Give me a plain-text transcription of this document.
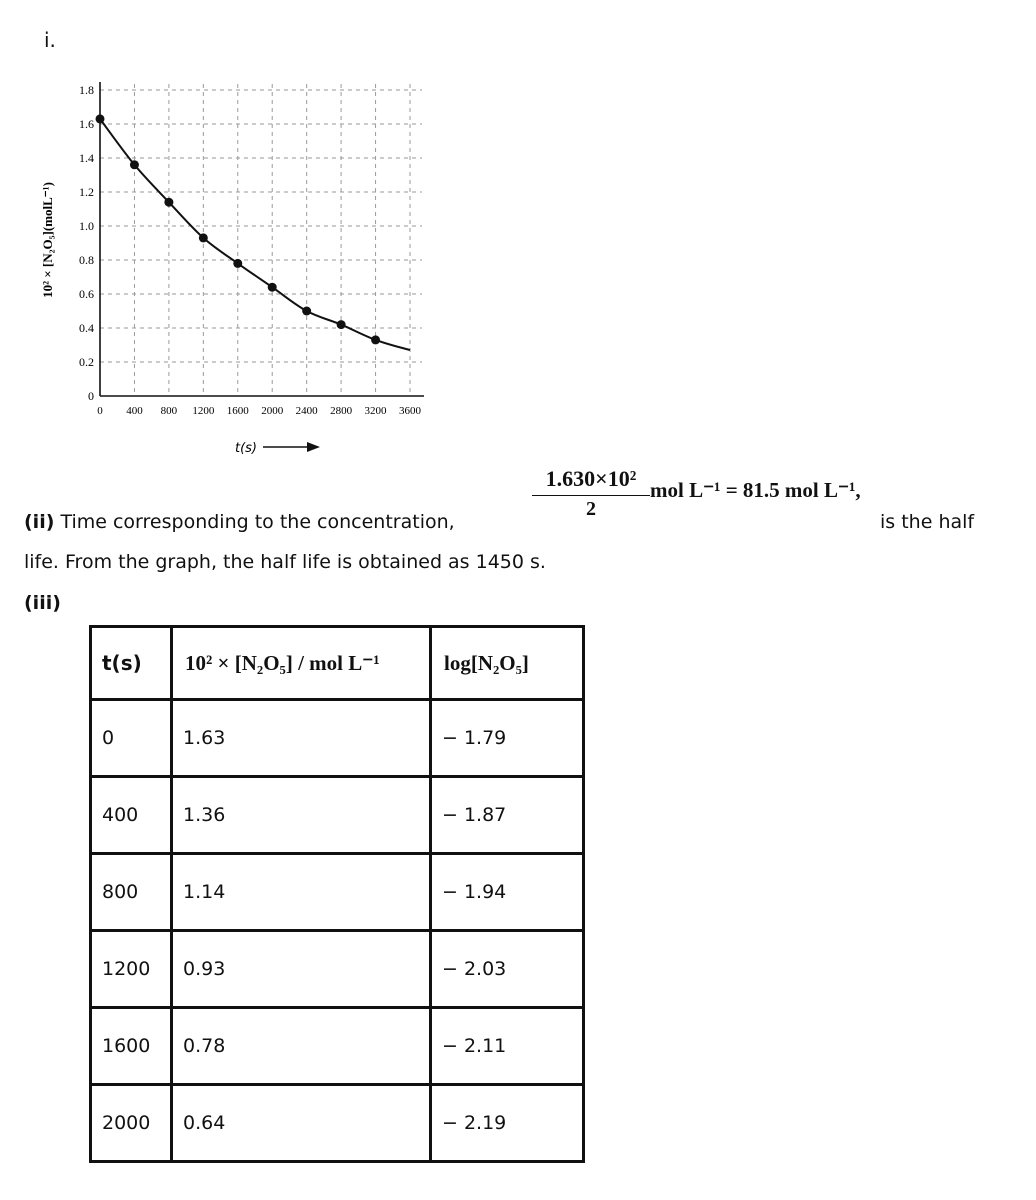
i.
0 400 800 1200 1600 2000 2400 2800 3200 3600
0
0.2
0.4
0.6
0.8
1.0
1.2
1.4
1.6
1.8
10² × [N₂O₅](molL⁻¹)
t(s)
1.630×10²
2
mol L⁻¹ = 81.5 mol L⁻¹,
(ii) Time corresponding to the concentration,	is the half
life. From the graph, the half life is obtained as 1450 s.
(iii)
t(s)	10² × [N₂O₅] / mol L⁻¹	log[N₂O₅]
0	1.63	− 1.79
400	1.36	− 1.87
800	1.14	− 1.94
1200	0.93	− 2.03
1600	0.78	− 2.11
2000	0.64	− 2.19
